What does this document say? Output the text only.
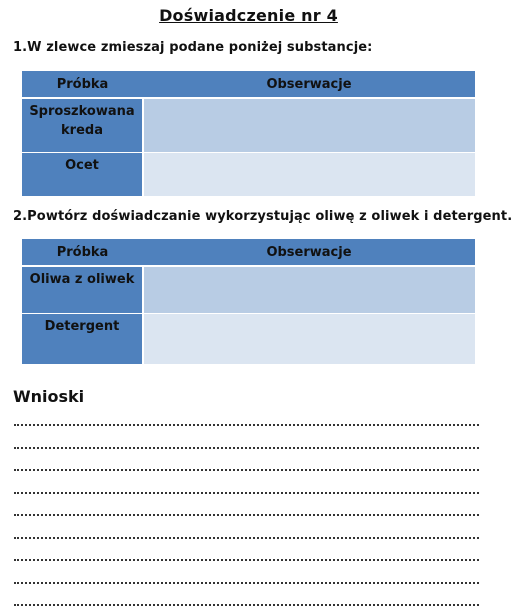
Doświadczenie nr 4
1.W zlewce zmieszaj podane poniżej substancje:
Próbka	Obserwacje
Sproszkowana kreda	
Ocet	
2.Powtórz doświadczanie wykorzystując oliwę z oliwek i detergent.
Próbka	Obserwacje
Oliwa z oliwek	
Detergent	
Wnioski
